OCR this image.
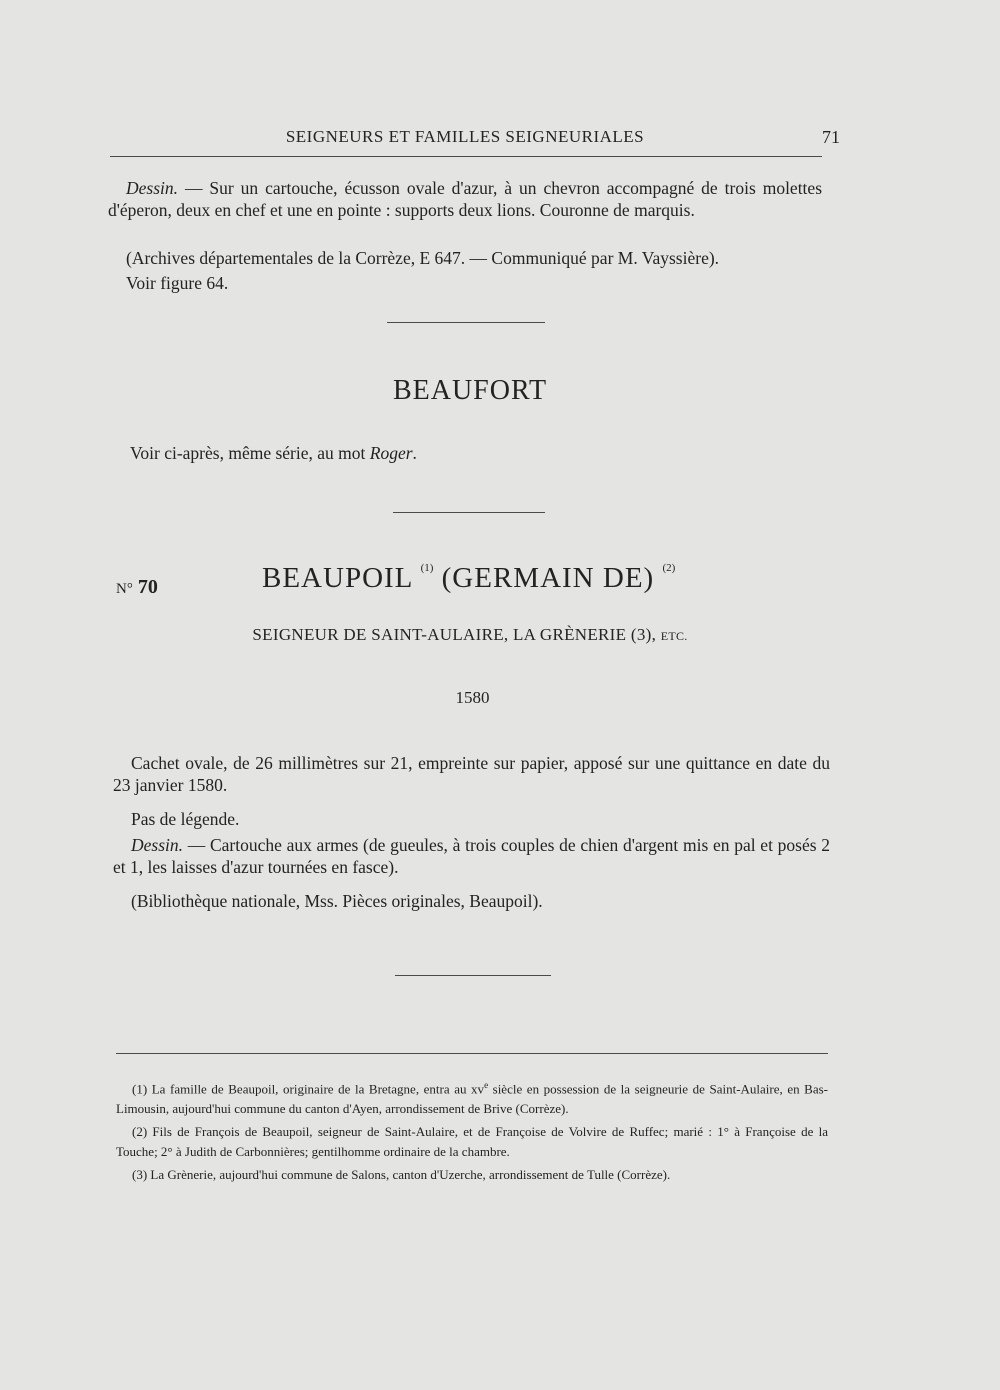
SEIGNEURS ET FAMILLES SEIGNEURIALES	71

Dessin. — Sur un cartouche, écusson ovale d'azur, à un chevron accompagné de trois molettes d'éperon, deux en chef et une en pointe : supports deux lions. Couronne de marquis.

(Archives départementales de la Corrèze, E 647. — Communiqué par M. Vayssière).

Voir figure 64.

BEAUFORT

Voir ci-après, même série, au mot Roger.

N° 70	BEAUPOIL $^{(1)}$ (GERMAIN DE) $^{(2)}$
SEIGNEUR DE SAINT-AULAIRE, LA GRÈNERIE (3), ETC.
1580

Cachet ovale, de 26 millimètres sur 21, empreinte sur papier, apposé sur une quittance en date du 23 janvier 1580.

Pas de légende.

Dessin. — Cartouche aux armes (de gueules, à trois couples de chien d'argent mis en pal et posés 2 et 1, les laisses d'azur tournées en fasce).

(Bibliothèque nationale, Mss. Pièces originales, Beaupoil).

(1) La famille de Beaupoil, originaire de la Bretagne, entra au $xv^e$ siècle en possession de la seigneurie de Saint-Aulaire, en Bas-Limousin, aujourd'hui commune du canton d'Ayen, arrondissement de Brive (Corrèze).

(2) Fils de François de Beaupoil, seigneur de Saint-Aulaire, et de Françoise de Volvire de Ruffec; marié : 1° à Françoise de la Touche; 2° à Judith de Carbonnières; gentilhomme ordinaire de la chambre.

(3) La Grènerie, aujourd'hui commune de Salons, canton d'Uzerche, arrondissement de Tulle (Corrèze).
